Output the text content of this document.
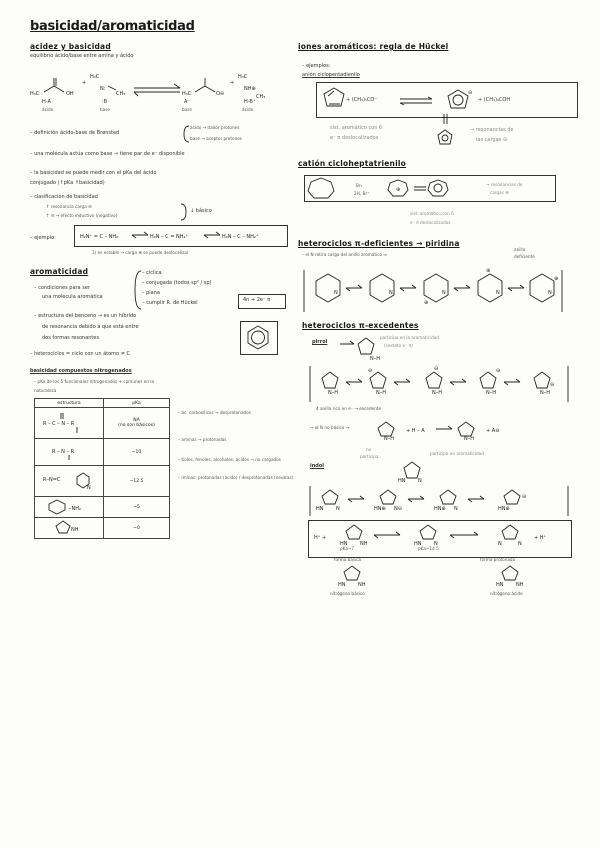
basicidad/aromaticidad
acidez y basicidad
equilibrio ácido/base entre amina y ácido
H₃C	OH
+
H₃C
N:
CH₃	H₃C	O⊖
+
H₃C
NH⊕
CH₃
H-A	:B	A⁻	H-B⁺
ácido	base	base	ácido
– definición ácido-base de Brønsted
ácido → dador protones
base → aceptor protones
– una molécula actúa como base → tiene par de e⁻ disponible
– la basicidad se puede medir con el pKa del ácido
conjugado (↑pKa ↑basicidad)
– clasificación de basicidad
↑ resonancia carga ⊖
↑ ⊖ → efecto inductivo (negativo)
↓ básico
– ejemplo:	H₂N⁺ = C – NH₂	H₂N – C = NH₂⁺	H₂N – C – NH₂⁺
1) es estable → carga ⊕ se puede deslocalizar
aromaticidad
– condiciones para ser
una molécula aromática
– cíclica
– conjugada (todos sp² / sp)
– plana
– cumplir R. de Hückel	4n + 2e⁻ π
– estructura del benceno → es un híbrido
de resonancia debido a que está entre
dos formas resonantes
– heterociclos = ciclo con un átomo ≠ C
basicidad compuestos nitrogenados
– pKa de los 5 funcionales nitrogenados + comunes en la
naturaleza
estructura	pKa

R – C – N – R	NA
(no son básicos)

R – N – R	~10

R–N=C
N	~12.5

–NH₂	~5

NH	~0
– ác. carboxílicos → desprotonados
– aminas → protonadas
– tioles, fenoles, alcoholes, ácidos → no cargados
– iminas: protonadas (ácido) / desprotonadas (neutras)
iones aromáticos: regla de Hückel
– ejemplos:
anión ciclopentadienilo
+ (CH₃)₃CO⁻ ⇌
⊖
+ (CH₃)₃COH
sist. aromático con 6
e⁻ π deslocalizados
→ resonancias de
las cargas ⊖
catión cicloheptatrienilo
Br₂
2H, Br⁺
⊕
→ resonancias de
cargas ⊕
sist. aromático con 6
e⁻ π deslocalizados
heterociclos π-deficientes → piridina
– el N retira carga del anillo aromático ⇒
anillo
deficiente
N	N	N
⊕
N
⊕
N
⊕
heterociclos π-excedentes
pirrol
N–H
participa en la aromaticidad
(sexteto e⁻ π)
N–H	N–H
⊖
N–H
⊖
N–H
⊖
N–H
⊖
4 anillo rico en e⁻ → excedente
→ el N no básico →
N–H
+ H – A
N–H
+ A⊖
indol
no
participa
participa en aromaticidad
HN	N
HN	N	HN⊕ N⊖	HN⊕ N	HN⊕
⊖
H⁺ +
HN	NH	HN	N	N	N
+ H⁺
pKa~7	pKa~14.5
forma básica	forma protonada
HN	NH	HN	NH
nitrógeno básico	nitrógeno ácido
